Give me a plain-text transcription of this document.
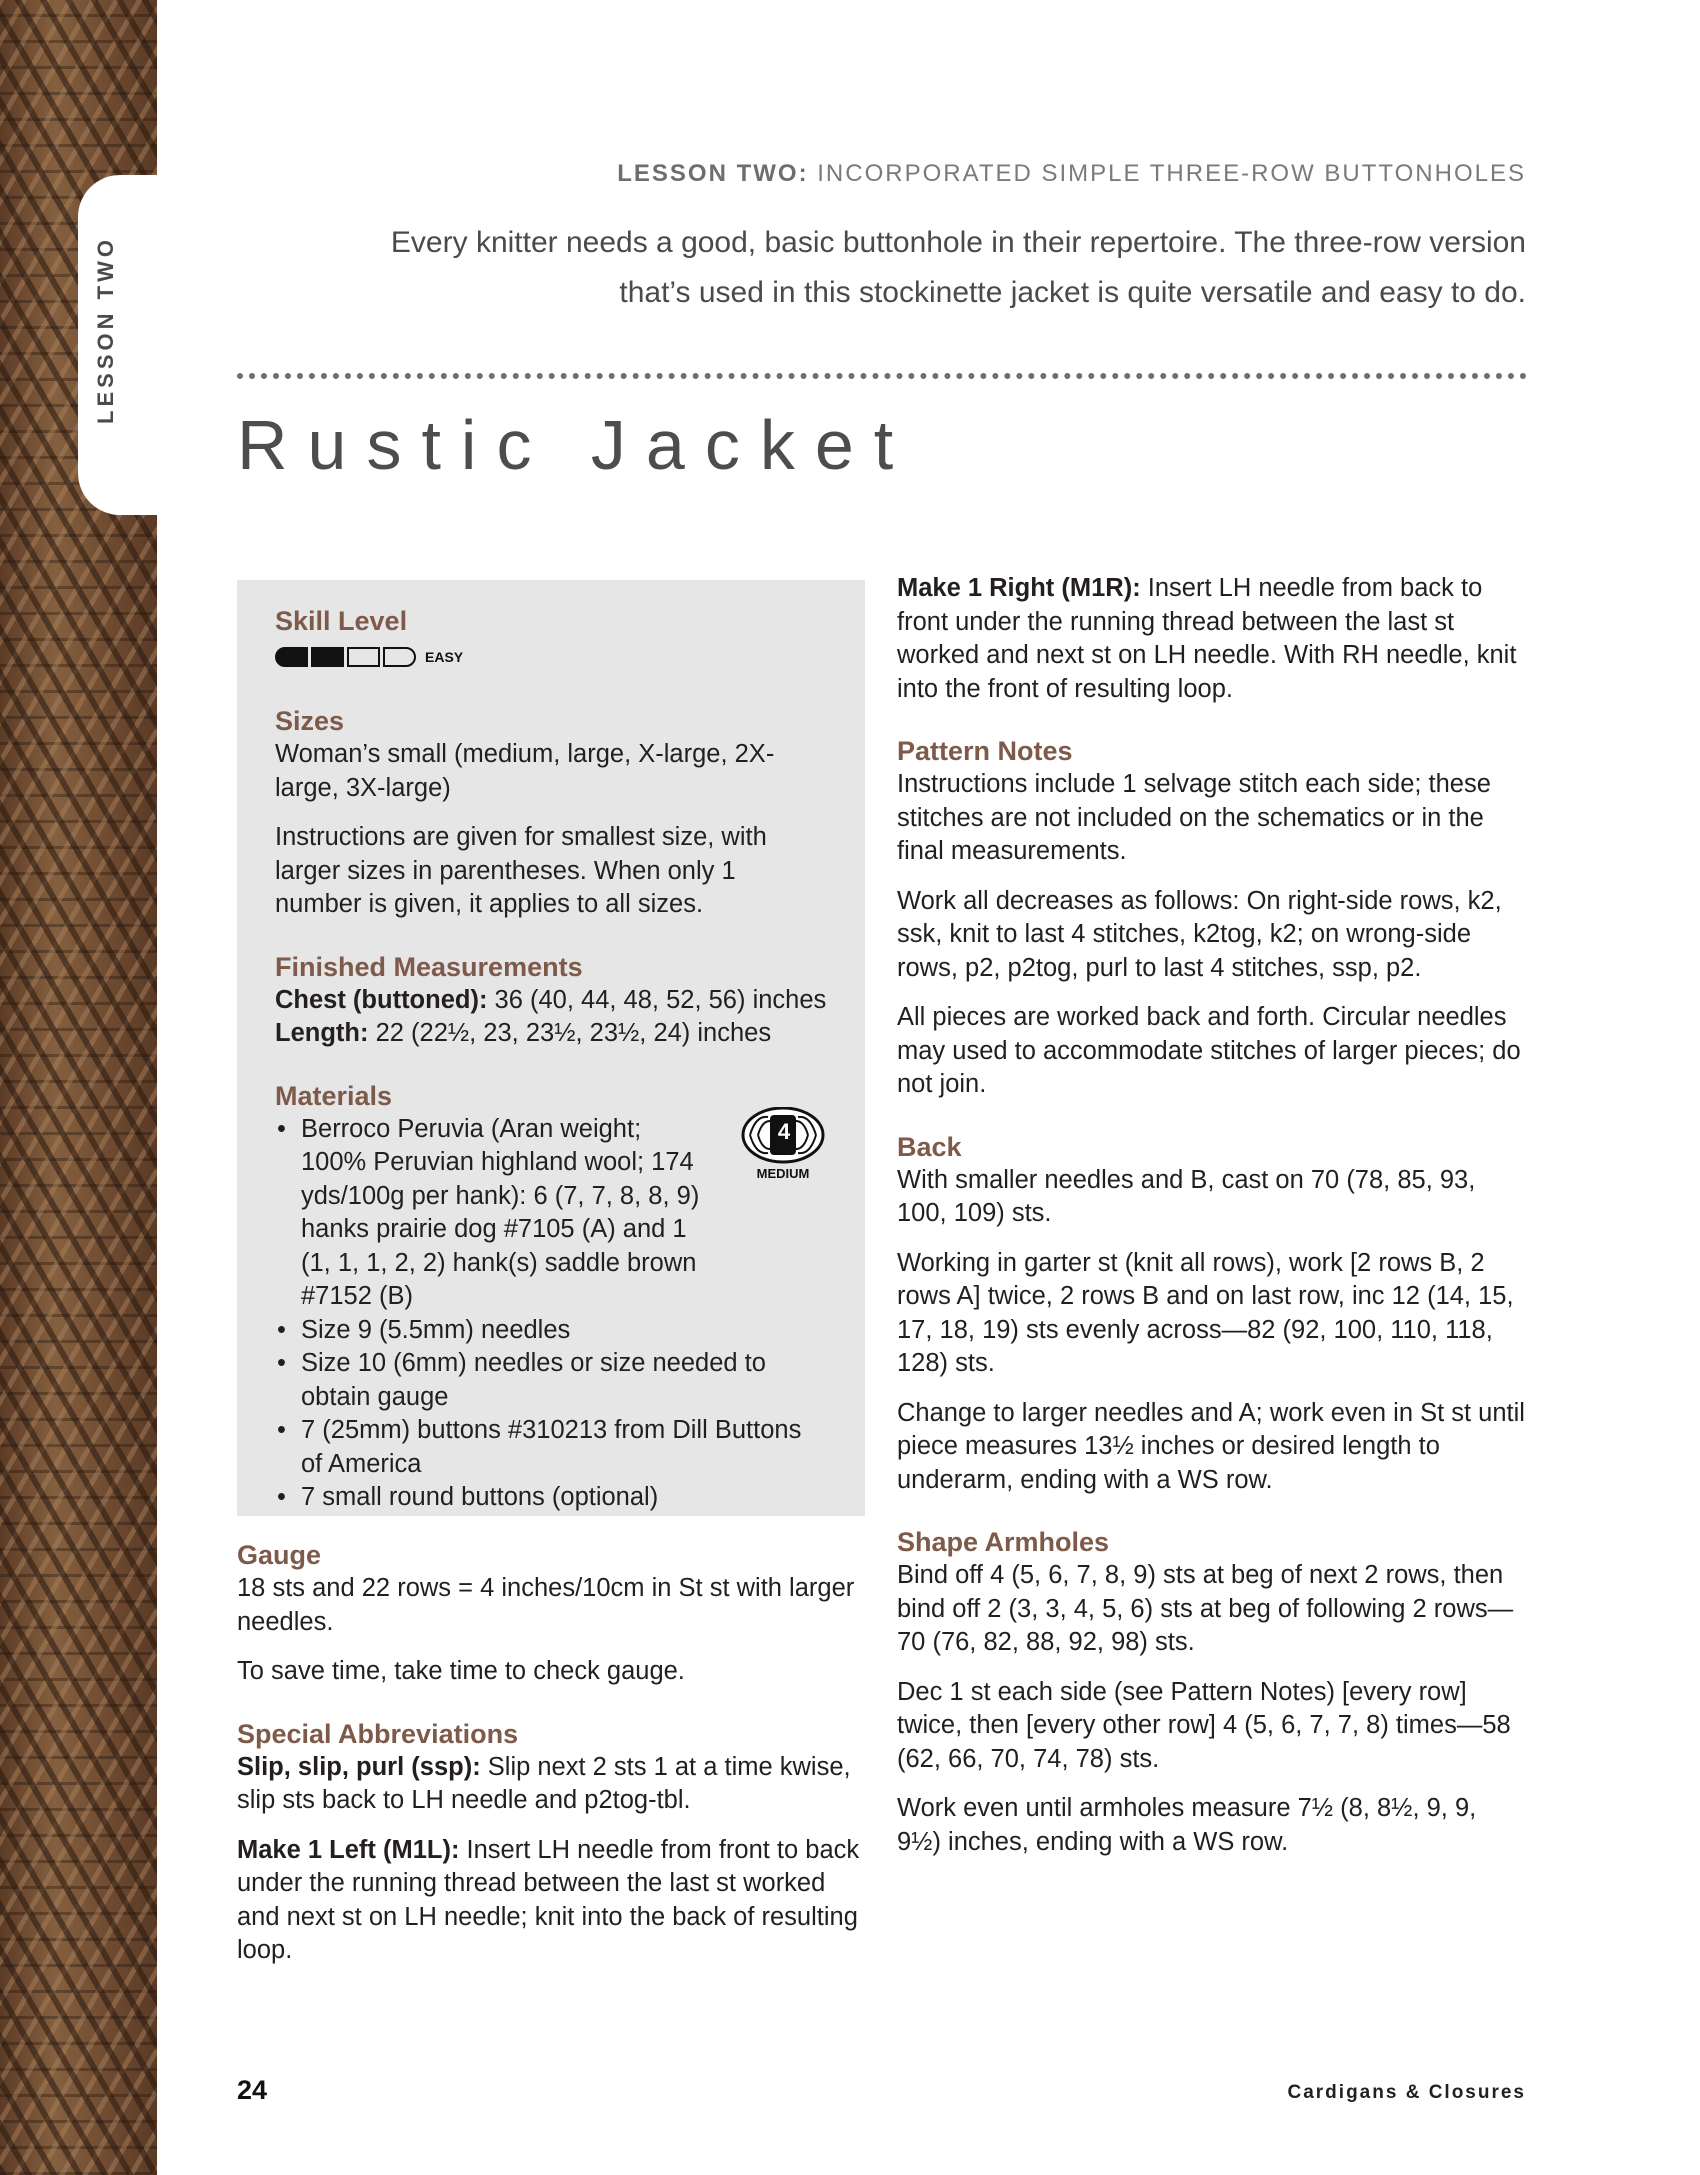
LESSON TWO
LESSON TWO: INCORPORATED SIMPLE THREE-ROW BUTTONHOLES
Every knitter needs a good, basic buttonhole in their repertoire. The three-row version that’s used in this stockinette jacket is quite versatile and easy to do.
Rustic Jacket
Skill Level
EASY
Sizes

Woman’s small (medium, large, X-large, 2X-large, 3X-large)

Instructions are given for smallest size, with larger sizes in parentheses. When only 1 number is given, it applies to all sizes.

Finished Measurements

Chest (buttoned): 36 (40, 44, 48, 52, 56) inches

Length: 22 (22½, 23, 23½, 23½, 24) inches

Materials
4
MEDIUM
• Berroco Peruvia (Aran weight; 100% Peruvian highland wool; 174 yds/100g per hank): 6 (7, 7, 8, 8, 9) hanks prairie dog #7105 (A) and 1 (1, 1, 1, 2, 2) hank(s) saddle brown #7152 (B)
• Size 9 (5.5mm) needles
• Size 10 (6mm) needles or size needed to obtain gauge
• 7 (25mm) buttons #310213 from Dill Buttons of America
• 7 small round buttons (optional)
Gauge

18 sts and 22 rows = 4 inches/10cm in St st with larger needles.

To save time, take time to check gauge.

Special Abbreviations

Slip, slip, purl (ssp): Slip next 2 sts 1 at a time kwise, slip sts back to LH needle and p2tog-tbl.

Make 1 Left (M1L): Insert LH needle from front to back under the running thread between the last st worked and next st on LH needle; knit into the back of resulting loop.

Make 1 Right (M1R): Insert LH needle from back to front under the running thread between the last st worked and next st on LH needle. With RH needle, knit into the front of resulting loop.

Pattern Notes

Instructions include 1 selvage stitch each side; these stitches are not included on the schematics or in the final measurements.

Work all decreases as follows: On right-side rows, k2, ssk, knit to last 4 stitches, k2tog, k2; on wrong-side rows, p2, p2tog, purl to last 4 stitches, ssp, p2.

All pieces are worked back and forth. Circular needles may used to accommodate stitches of larger pieces; do not join.

Back

With smaller needles and B, cast on 70 (78, 85, 93, 100, 109) sts.

Working in garter st (knit all rows), work [2 rows B, 2 rows A] twice, 2 rows B and on last row, inc 12 (14, 15, 17, 18, 19) sts evenly across—82 (92, 100, 110, 118, 128) sts.

Change to larger needles and A; work even in St st until piece measures 13½ inches or desired length to underarm, ending with a WS row.

Shape Armholes

Bind off 4 (5, 6, 7, 8, 9) sts at beg of next 2 rows, then bind off 2 (3, 3, 4, 5, 6) sts at beg of following 2 rows—70 (76, 82, 88, 92, 98) sts.

Dec 1 st each side (see Pattern Notes) [every row] twice, then [every other row] 4 (5, 6, 7, 7, 8) times—58 (62, 66, 70, 74, 78) sts.

Work even until armholes measure 7½ (8, 8½, 9, 9, 9½) inches, ending with a WS row.

24	Cardigans & Closures
